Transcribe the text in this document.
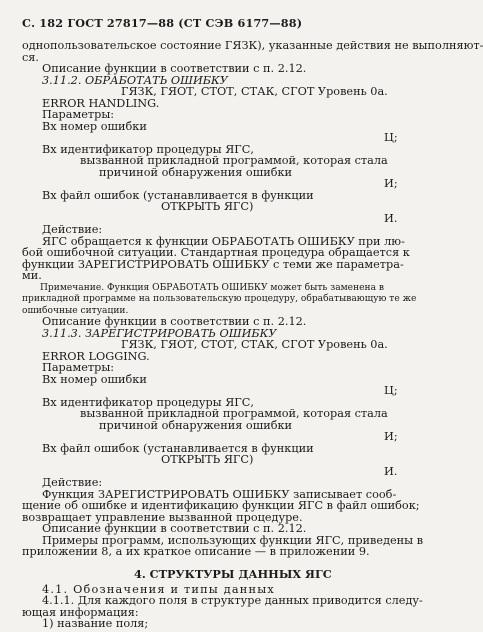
С. 182 ГОСТ 27817—88 (СТ СЭВ 6177—88)
однопользовательское состояние ГЯЗК), указанные действия не выполняют-
ся.
Описание функции в соответствии с п. 2.12.
3.11.2. ОБРАБОТАТЬ ОШИБКУ
ГЯЗК, ГЯОТ, СТОТ, СТАК, СГОТ Уровень 0а.
ERROR HANDLING.
Параметры:
Вх номер ошибки
Ц;
Вх идентификатор процедуры ЯГС,
вызванной прикладной программой, которая стала
причиной обнаружения ошибки
И;
Вх файл ошибок (устанавливается в функции
ОТКРЫТЬ ЯГС)
И.
Действие:
ЯГС обращается к функции ОБРАБОТАТЬ ОШИБКУ при лю-
бой ошибочной ситуации. Стандартная процедура обращается к
функции ЗАРЕГИСТРИРОВАТЬ ОШИБКУ с теми же параметра-
ми.
Примечание. Функция ОБРАБОТАТЬ ОШИБКУ может быть заменена в
прикладной программе на пользовательскую процедуру, обрабатывающую те же
ошибочные ситуации.
Описание функции в соответствии с п. 2.12.
3.11.3. ЗАРЕГИСТРИРОВАТЬ ОШИБКУ
ГЯЗК, ГЯОТ, СТОТ, СТАК, СГОТ Уровень 0а.
ERROR LOGGING.
Параметры:
Вх номер ошибки
Ц;
Вх идентификатор процедуры ЯГС,
вызванной прикладной программой, которая стала
причиной обнаружения ошибки
И;
Вх файл ошибок (устанавливается в функции
ОТКРЫТЬ ЯГС)
И.
Действие:
Функция ЗАРЕГИСТРИРОВАТЬ ОШИБКУ записывает сооб-
щение об ошибке и идентификацию функции ЯГС в файл ошибок;
возвращает управление вызванной процедуре.
Описание функции в соответствии с п. 2.12.
Примеры программ, использующих функции ЯГС, приведены в
приложении 8, а их краткое описание — в приложении 9.
4. СТРУКТУРЫ ДАННЫХ ЯГС
4.1. Обозначения и типы данных
4.1.1. Для каждого поля в структуре данных приводится следу-
ющая информация:
1) название поля;
